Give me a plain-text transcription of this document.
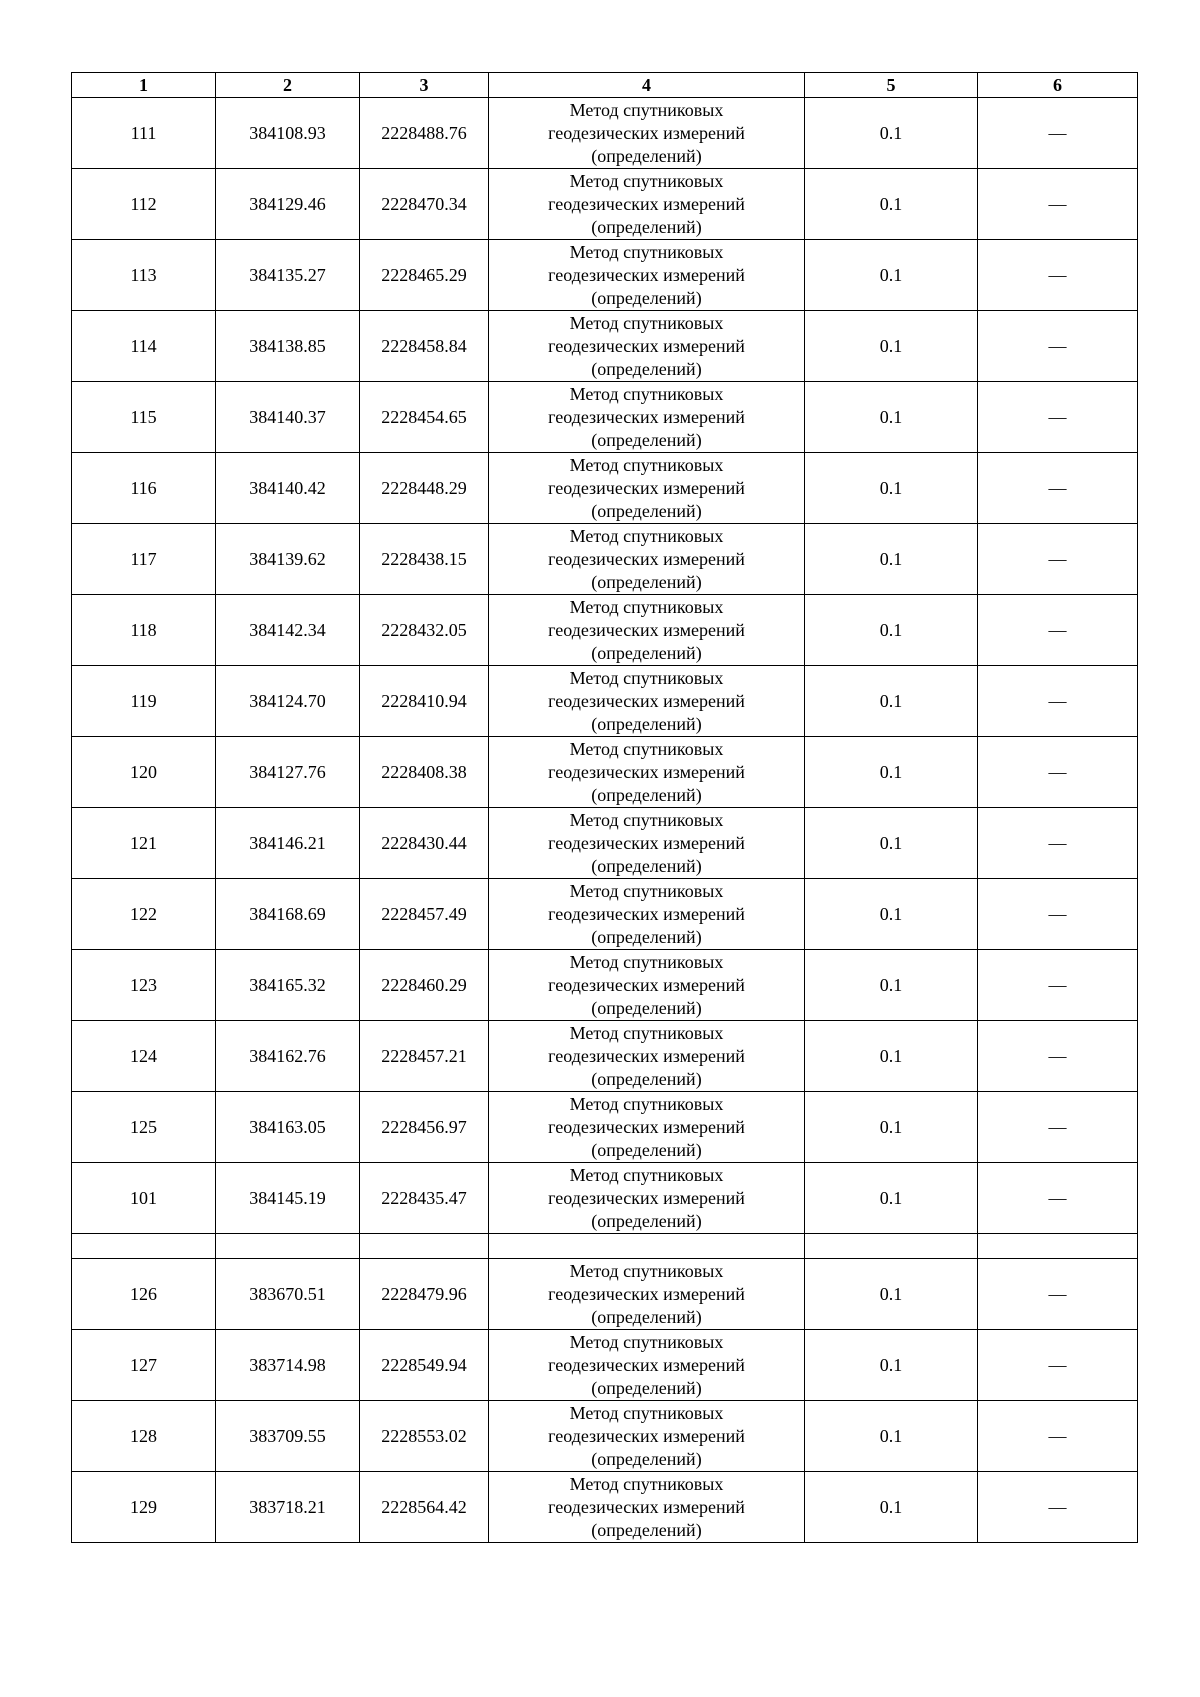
1	2	3	4	5	6
111	384108.93	2228488.76	Метод спутниковых
геодезических измерений
(определений)	0.1	—
112	384129.46	2228470.34	Метод спутниковых
геодезических измерений
(определений)	0.1	—
113	384135.27	2228465.29	Метод спутниковых
геодезических измерений
(определений)	0.1	—
114	384138.85	2228458.84	Метод спутниковых
геодезических измерений
(определений)	0.1	—
115	384140.37	2228454.65	Метод спутниковых
геодезических измерений
(определений)	0.1	—
116	384140.42	2228448.29	Метод спутниковых
геодезических измерений
(определений)	0.1	—
117	384139.62	2228438.15	Метод спутниковых
геодезических измерений
(определений)	0.1	—
118	384142.34	2228432.05	Метод спутниковых
геодезических измерений
(определений)	0.1	—
119	384124.70	2228410.94	Метод спутниковых
геодезических измерений
(определений)	0.1	—
120	384127.76	2228408.38	Метод спутниковых
геодезических измерений
(определений)	0.1	—
121	384146.21	2228430.44	Метод спутниковых
геодезических измерений
(определений)	0.1	—
122	384168.69	2228457.49	Метод спутниковых
геодезических измерений
(определений)	0.1	—
123	384165.32	2228460.29	Метод спутниковых
геодезических измерений
(определений)	0.1	—
124	384162.76	2228457.21	Метод спутниковых
геодезических измерений
(определений)	0.1	—
125	384163.05	2228456.97	Метод спутниковых
геодезических измерений
(определений)	0.1	—
101	384145.19	2228435.47	Метод спутниковых
геодезических измерений
(определений)	0.1	—

126	383670.51	2228479.96	Метод спутниковых
геодезических измерений
(определений)	0.1	—
127	383714.98	2228549.94	Метод спутниковых
геодезических измерений
(определений)	0.1	—
128	383709.55	2228553.02	Метод спутниковых
геодезических измерений
(определений)	0.1	—
129	383718.21	2228564.42	Метод спутниковых
геодезических измерений
(определений)	0.1	—
